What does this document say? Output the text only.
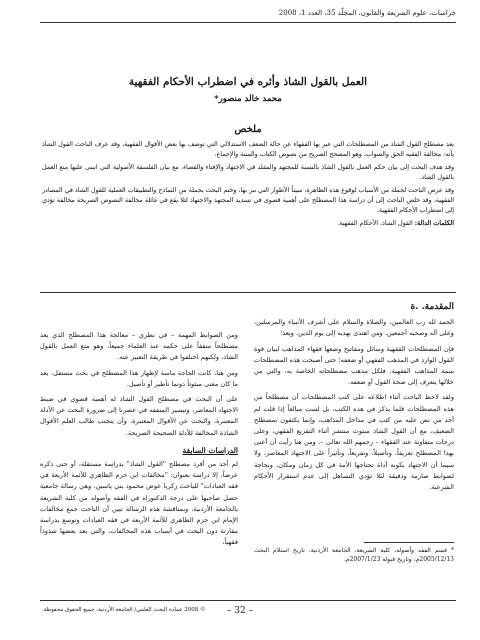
جراسات، علوم الشريعة والقانون، المجلّد 35، العدد 1، 2008
العمل بالقول الشاذ وأثره في اضطراب الأحكام الفقهية
محمد خالد منصور*
ملخص

يعد مصطلح القول الشاذ من المصطلحات التي عبر بها الفقهاء عن حالة الضعف الاستدلالي التي توصف بها بعض الأقوال الفقهية، وقد عرف الباحث القول الشاذ بأنه: مخالفة الفقيه الحق والصواب، وهو المصحح الصريح من نصوص الكتاب والسنة والإجماع.

وقد هدف البحث إلى بيان حكم العمل بالقول الشاذ بالنسبة للمجتهد والمقلد في الاجتهاد والإفتاء والقضاء، مع بيان الفلسفة الأصولية التي انبنى عليها منع العمل بالقول الشاذ.

وقد عرض الباحث لجملة من الأسباب لوقوع هذه الظاهرة، مبيناً الأطوار التي مر بها، وختم البحث بجملة من النماذج والتطبيقات العملية للقول الشاذ في المصادر الفقهية، وقد خلص الباحث إلى أن دراسة هذا المصطلح على أهمية قصوى في تسديد المجتهد والاجتهاد لئلا يقع في غائلة مخالفة النصوص الصريحة مخالفة تؤدي إلى اضطراب الأحكام الفقهية.

الكلمات الدالة: القول الشاذ، الأحكام الفقهية.

المقدمة. .ة

الحمد لله رب العالمين، والصلاة والسلام على أشرف الأنبياء والمرسلين، وعلى آله وصحبه أجمعين، ومن اهتدى بهديه إلى يوم الدين، وبعد؛

فإن المصطلحات الفقهية وسائل ومفاتيح وضعها فقهاء المذاهب لبيان قوة القول الوارد في المذهب الفقهي أو ضعفه؛ حتى أصبحت هذه المصطلحات سمة المذاهب الفقهية، فلكل مذهب مصطلحاته الخاصة به، والتي من خلالها يتعرف إلى صحة القول أو ضعفه.

ولقد لاحظ الباحث أثناء اطلاعه على كتب المصطلحات أن مصطلحاً من هذه المصطلحات قلما يذكر في هذه الكتب، بل لست مبالغاً إذا قلت لم أجد من نص عليه من كتب في مداخل المذاهب، وإنما يكتفون بمصطلح الضعيف، مع أن القول الشاذ مبثوث منتشر أثناء التفريع الفقهي، وعلى درجات متفاوتة عند الفقهاء – رحمهم الله تعالى –، ومن هنا رأيت أن أعنى بهذا المصطلح تعريفاً، وتأصيلاً، وتفريعاً، وتأثيراً على الاجتهاد المعاصر، ولا سيما أن الاجتهاد يكونه أداة تحتاجها الأمة في كل زمان ومكان، وبحاجة لضوابط صارمة ودقيقة لئلا تؤدي التساهل إلى عدم استقرار الأحكام الشرعية.

ومن الضوابط المهمة – في نظري – معالجة هذا المصطلح الذي يعد مصطلحاً متفقاً على حكمه عند العلماء جميعاً، وهو منع العمل بالقول الشاذ، ولكنهم اختلفوا في طريقة التعبير عنه.

ومن هنا، كانت الحاجة ماسة لإظهار هذا المصطلح في بحث مستقل، بعد ما كان معنى مبثوثاً دونما تأطير أو تأصيل.

على أن البحث في مصطلح القول الشاذ له أهمية قصوى في ضبط الاجتهاد المعاصر، وتيسير المتفقه في عصرنا إلى ضرورة البحث عن الأدلة المعتبرة، والبحث عن الأقوال المعتبرة، وأن يتجنب طالب العلم الأقوال الشاذة المخالفة للأدلة الصحيحة الصريحة.

الدراسات السابقة

لم أجد من أفرد مصطلح "القول الشاذ" بدراسة مستقلة، أو حتى ذكره عرضاً، إلا دراسة بعنوان: "مخالفات ابن حزم الظاهري للأئمة الأربعة في فقه العبادات" للباحث زكريا عوض محمود بني ياسين، وهي رسالة جامعية حصل صاحبها على درجة الدكتوراه في الفقه وأصوله من كلية الشريعة بالجامعة الأردنية، وبمناقشة هذه الرسالة تبين أن الباحث جمع مخالفات الإمام ابن حزم الظاهري للأئمة الأربعة في فقه العبادات وتوسع بدراسة مقارنة دون البحث في أسباب هذه المخالفات، والتي يعد بعضها شذوذاً فقهياً،

* قسم الفقه وأصوله، كلية الشريعة، الجامعة الأردنية. تاريخ استلام البحث 2005/12/13م، وتاريخ قبوله 2007/1/23م.
– 32 –
© 2008 عمادة البحث العلمي/ الجامعة الأردنية. جميع الحقوق محفوظة.
